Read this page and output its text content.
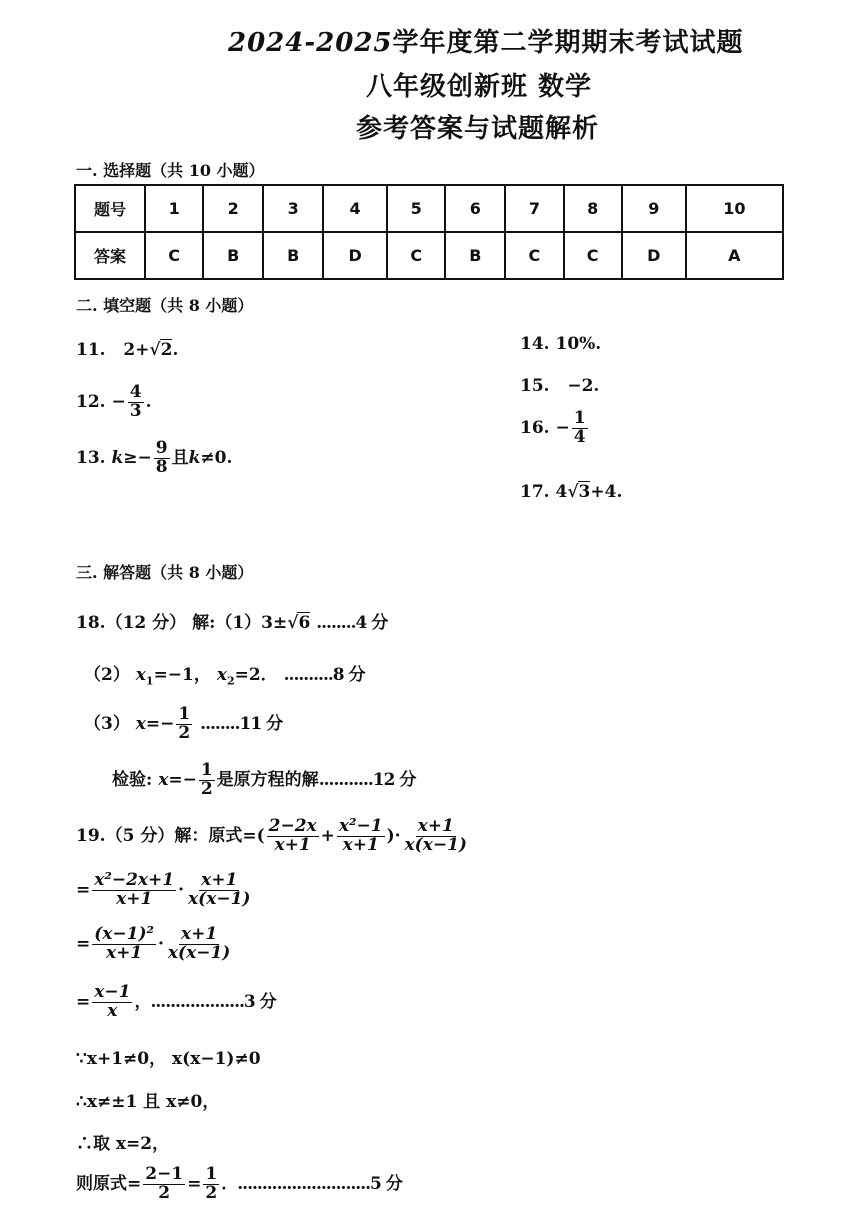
2024-2025学年度第二学期期末考试试题
八年级创新班 数学
参考答案与试题解析
一. 选择题（共 10 小题）
题号	1	2	3	4	5	6	7	8	9	10
答案	C	B	B	D	C	B	C	C	D	A
二. 填空题（共 8 小题）
11. 2+√2.
12. − $\frac{4}{3}$ .
13. $k\ge- \frac{9}{8}$ 且k≠0.
14. 10%.
15. −2.
16. − $\frac{1}{4}$
17. 4√3+4.
三. 解答题（共 8 小题）
18.（12 分） 解:（1）3±√6 ........4 分
（2） $x_1=-1$， $x_2=2$． ..........8 分
（3） $x=- \frac{1}{2} ........11$ 分
检验: $x=- \frac{1}{2}$ 是原方程的解...........12 分
19.（5 分）解：原式=( $\frac{2-2x}{x+1} + \frac{\text{x²−1}}{x+1}$ )· $\frac{x+1}{x(x-1)}$
= $\frac{\text{x²−2x+1}}{x+1} \cdot \frac{x+1}{x(x-1)}$
= $\frac{\text{(x−1)²}}{x+1} \cdot \frac{x+1}{x(x-1)}$
= $\frac{x-1}{x}$ ，...................3 分
∵x+1≠0， x(x−1)≠0
∴x≠±1 且 x≠0，
∴取 x=2，
则原式= $\frac{2-1}{2} = \frac{1}{2}$ ．...........................5 分
